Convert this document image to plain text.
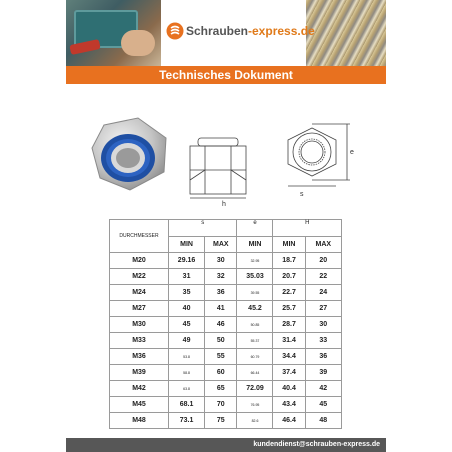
Schrauben-express.de
Technisches Dokument
h
e
s
DURCHMESSER	s		e	H	
	MIN	MAX	MIN	MIN	MAX
M20	29.16	30	32.95	18.7	20
M22	31	32	35.03	20.7	22
M24	35	36	39.55	22.7	24
M27	40	41	45.2	25.7	27
M30	45	46	50.85	28.7	30
M33	49	50	55.37	31.4	33
M36	53.8	55	60.79	34.4	36
M39	58.8	60	66.44	37.4	39
M42	63.8	65	72.09	40.4	42
M45	68.1	70	76.95	43.4	45
M48	73.1	75	82.6	46.4	48
kundendienst@schrauben-express.de
